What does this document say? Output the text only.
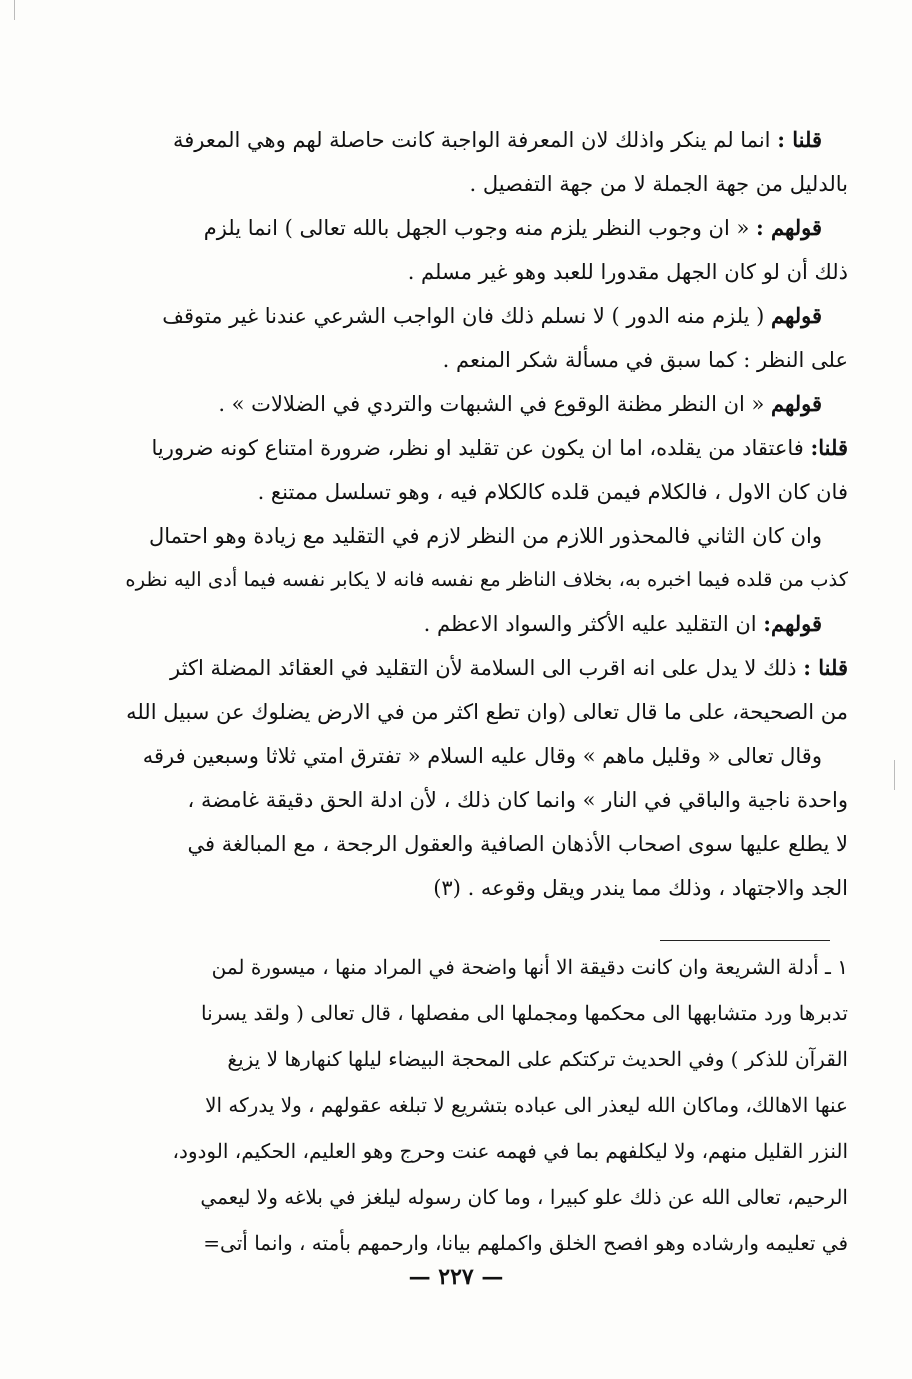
قلنا : انما لم ينكر واذلك لان المعرفة الواجبة كانت حاصلة لهم وهي المعرفة
بالدليل من جهة الجملة لا من جهة التفصيل .
قولهم : « ان وجوب النظر يلزم منه وجوب الجهل بالله تعالى ) انما يلزم
ذلك أن لو كان الجهل مقدورا للعبد وهو غير مسلم .
قولهم ( يلزم منه الدور ) لا نسلم ذلك فان الواجب الشرعي عندنا غير متوقف
على النظر : كما سبق في مسألة شكر المنعم .
قولهم « ان النظر مظنة الوقوع في الشبهات والتردي في الضلالات » .
قلنا: فاعتقاد من يقلده، اما ان يكون عن تقليد او نظر، ضرورة امتناع كونه ضروريا
فان كان الاول ، فالكلام فيمن قلده كالكلام فيه ، وهو تسلسل ممتنع .
وان كان الثاني فالمحذور اللازم من النظر لازم في التقليد مع زيادة وهو احتمال
كذب من قلده فيما اخبره به، بخلاف الناظر مع نفسه فانه لا يكابر نفسه فيما أدى اليه نظره
قولهم: ان التقليد عليه الأكثر والسواد الاعظم .
قلنا : ذلك لا يدل على انه اقرب الى السلامة لأن التقليد في العقائد المضلة اكثر
من الصحيحة، على ما قال تعالى (وان تطع اكثر من في الارض يضلوك عن سبيل الله
وقال تعالى « وقليل ماهم » وقال عليه السلام « تفترق امتي ثلاثا وسبعين فرقه
واحدة ناجية والباقي في النار » وانما كان ذلك ، لأن ادلة الحق دقيقة غامضة ،
لا يطلع عليها سوى اصحاب الأذهان الصافية والعقول الرجحة ، مع المبالغة في
الجد والاجتهاد ، وذلك مما يندر ويقل وقوعه . (٣)
١ ـ أدلة الشريعة وان كانت دقيقة الا أنها واضحة في المراد منها ، ميسورة لمن
تدبرها ورد متشابهها الى محكمها ومجملها الى مفصلها ، قال تعالى ( ولقد يسرنا
القرآن للذكر ) وفي الحديث تركتكم على المحجة البيضاء ليلها كنهارها لا يزيغ
عنها الاهالك، وماكان الله ليعذر الى عباده بتشريع لا تبلغه عقولهم ، ولا يدركه الا
النزر القليل منهم، ولا ليكلفهم بما في فهمه عنت وحرج وهو العليم، الحكيم، الودود،
الرحيم، تعالى الله عن ذلك علو كبيرا ، وما كان رسوله ليلغز في بلاغه ولا ليعمي
في تعليمه وارشاده وهو افصح الخلق واكملهم بيانا، وارحمهم بأمته ، وانما أتى=
— ٢٢٧ —
